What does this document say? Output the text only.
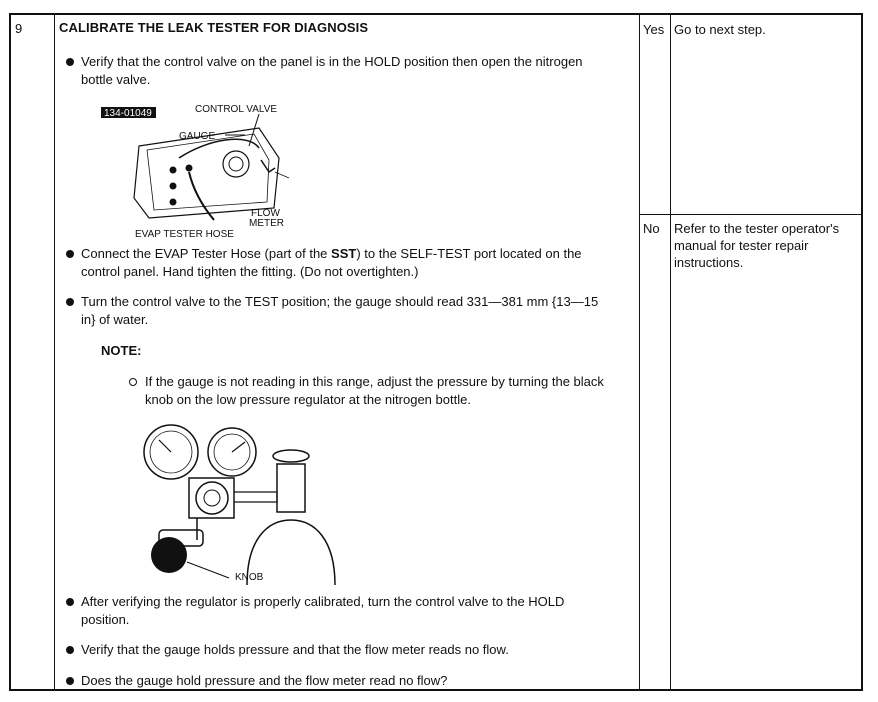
9	CALIBRATE THE LEAK TESTER FOR DIAGNOSIS	Yes Go to next step.
No Refer to the tester operator's manual for tester repair instructions.
Verify that the control valve on the panel is in the HOLD position then open the nitrogen bottle valve.
134-01049	CONTROL VALVE
GAUGE
FLOW
METER
EVAP TESTER HOSE
Connect the EVAP Tester Hose (part of the SST) to the SELF-TEST port located on the control panel. Hand tighten the fitting. (Do not overtighten.)
Turn the control valve to the TEST position; the gauge should read 331—381 mm {13—15 in} of water.
NOTE:
If the gauge is not reading in this range, adjust the pressure by turning the black knob on the low pressure regulator at the nitrogen bottle.
KNOB
After verifying the regulator is properly calibrated, turn the control valve to the HOLD position.
Verify that the gauge holds pressure and that the flow meter reads no flow.
Does the gauge hold pressure and the flow meter read no flow?
